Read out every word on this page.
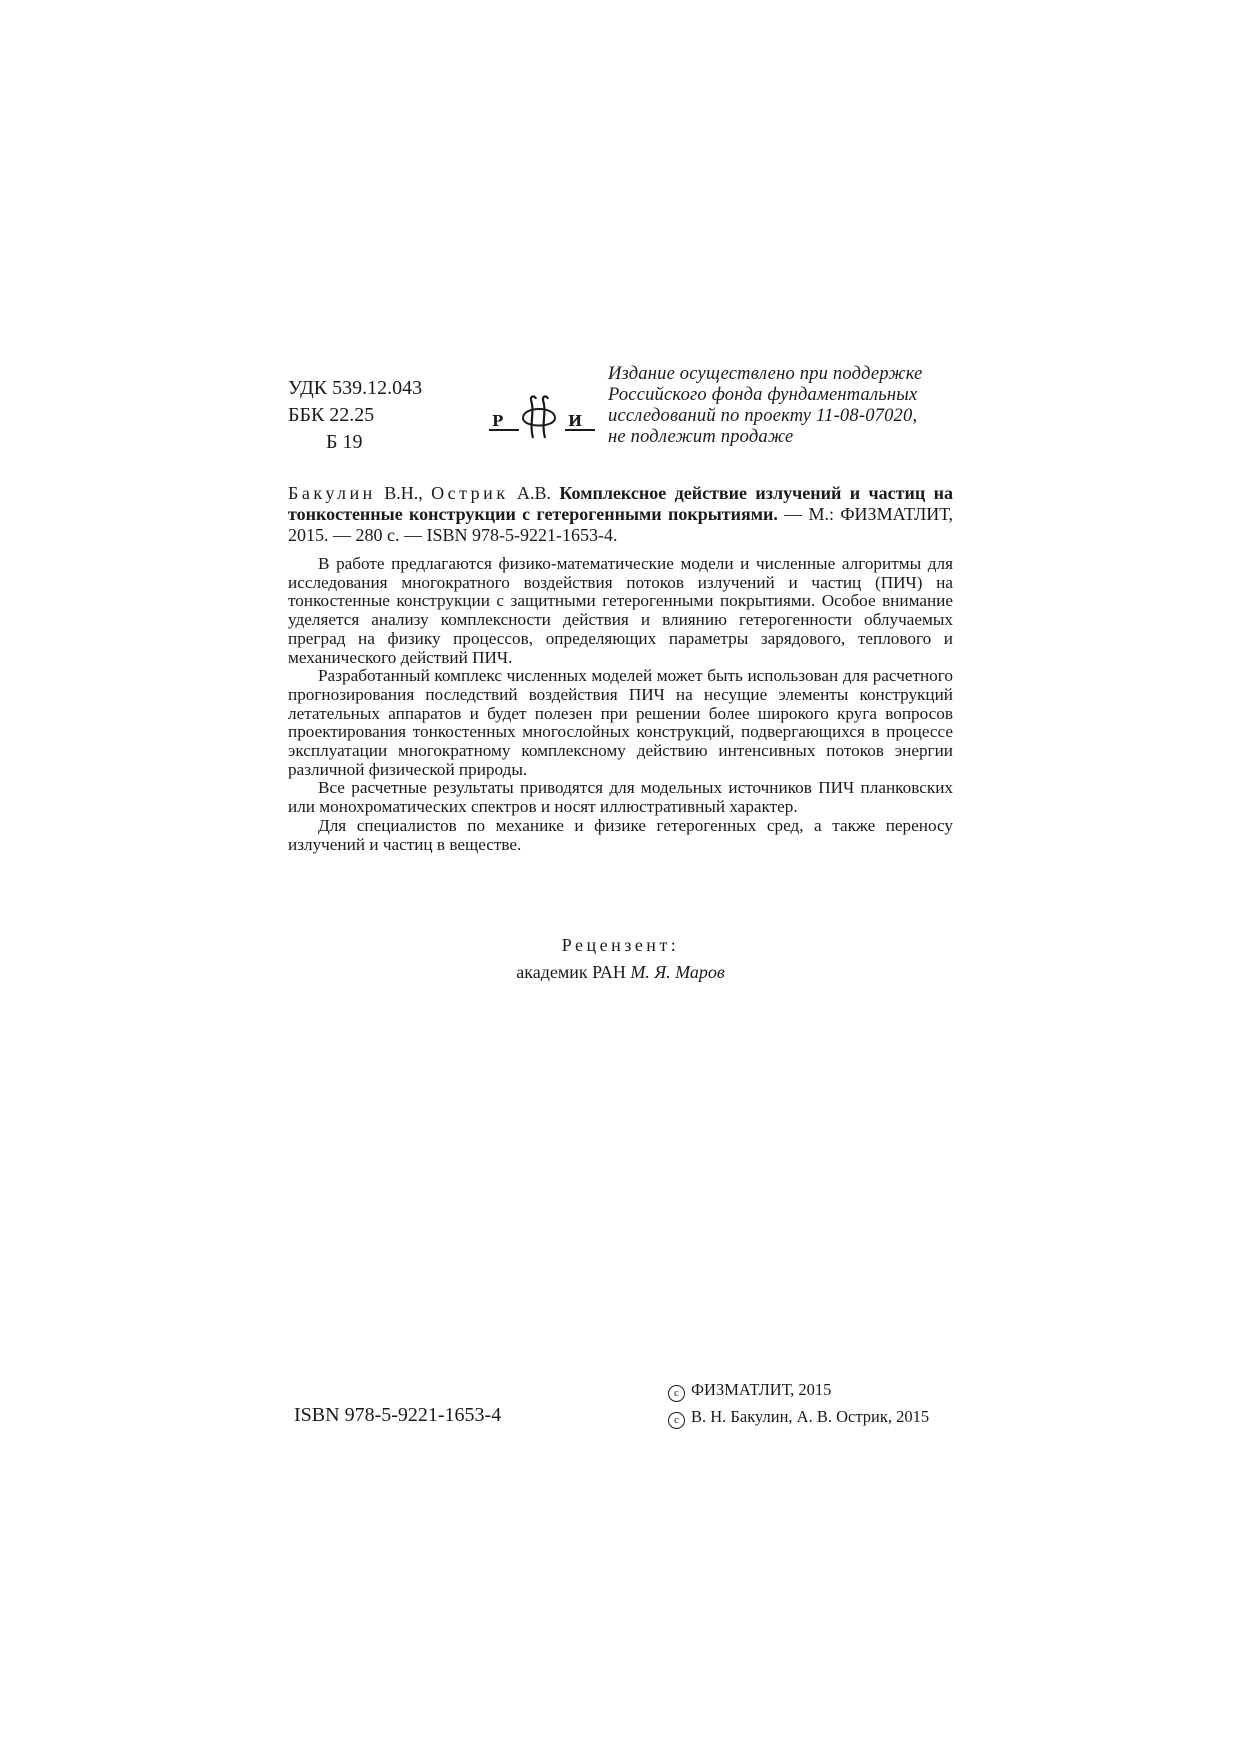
УДК 539.12.043
ББК 22.25
Б 19
Р	И
Издание осуществлено при поддержке
Российского фонда фундаментальных
исследований по проекту 11-08-07020,
не подлежит продаже
Бакулин В.Н., Острик А.В. Комплексное действие излучений и частиц на тонкостенные конструкции с гетерогенными покрытиями. — М.: ФИЗМАТЛИТ, 2015. — 280 с. — ISBN 978-5-9221-1653-4.

В работе предлагаются физико-математические модели и численные алгоритмы для исследования многократного воздействия потоков излучений и частиц (ПИЧ) на тонкостенные конструкции с защитными гетерогенными покрытиями. Особое внимание уделяется анализу комплексности действия и влиянию гетерогенности облучаемых преград на физику процессов, определяющих параметры зарядового, теплового и механического действий ПИЧ.

Разработанный комплекс численных моделей может быть использован для расчетного прогнозирования последствий воздействия ПИЧ на несущие элементы конструкций летательных аппаратов и будет полезен при решении более широкого круга вопросов проектирования тонкостенных многослойных конструкций, подвергающихся в процессе эксплуатации многократному комплексному действию интенсивных потоков энергии различной физической природы.

Все расчетные результаты приводятся для модельных источников ПИЧ планковских или монохроматических спектров и носят иллюстративный характер.

Для специалистов по механике и физике гетерогенных сред, а также переносу излучений и частиц в веществе.

Рецензент:
академик РАН М. Я. Маров
ISBN 978-5-9221-1653-4
c ФИЗМАТЛИТ, 2015
c В. Н. Бакулин, А. В. Острик, 2015
